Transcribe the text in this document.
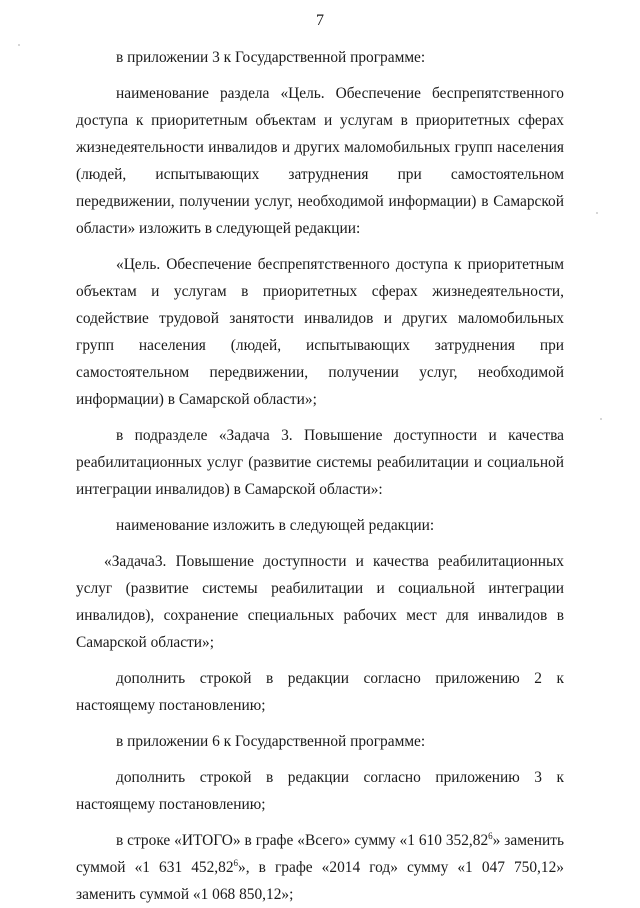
7

в приложении 3 к Государственной программе:

наименование раздела «Цель. Обеспечение беспрепятственного доступа к приоритетным объектам и услугам в приоритетных сферах жизнедеятельности инвалидов и других маломобильных групп населения (людей, испытывающих затруднения при самостоятельном передвижении, получении услуг, необходимой информации) в Самарской области» изложить в следующей редакции:

«Цель. Обеспечение беспрепятственного доступа к приоритетным объектам и услугам в приоритетных сферах жизнедеятельности, содействие трудовой занятости инвалидов и других маломобильных групп населения (людей, испытывающих затруднения при самостоятельном передвижении, получении услуг, необходимой информации) в Самарской области»;

в подразделе «Задача 3. Повышение доступности и качества реабилитационных услуг (развитие системы реабилитации и социальной интеграции инвалидов) в Самарской области»:

наименование изложить в следующей редакции:

«Задача3. Повышение доступности и качества реабилитационных услуг (развитие системы реабилитации и социальной интеграции инвалидов), сохранение специальных рабочих мест для инвалидов в Самарской области»;

дополнить строкой в редакции согласно приложению 2 к настоящему постановлению;

в приложении 6 к Государственной программе:

дополнить строкой в редакции согласно приложению 3 к настоящему постановлению;

в строке «ИТОГО» в графе «Всего» сумму «1 610 352,82$^6$» заменить суммой «1 631 452,82$^6$», в графе «2014 год» сумму «1 047 750,12» заменить суммой «1 068 850,12»;
